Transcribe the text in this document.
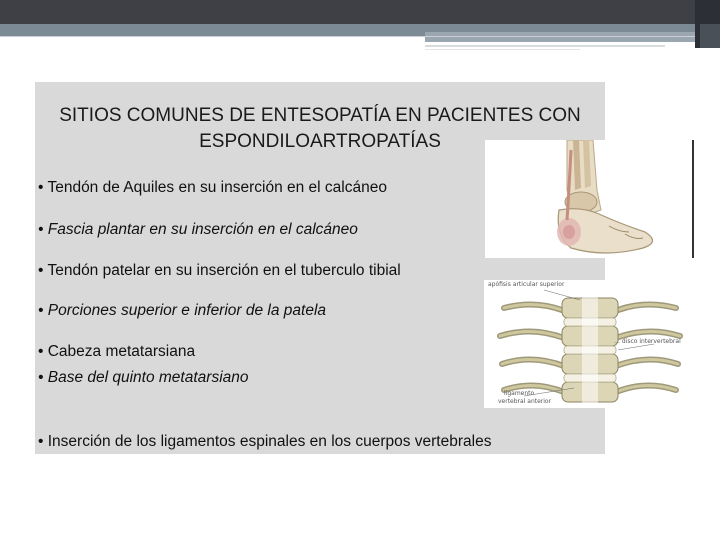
SITIOS COMUNES DE ENTESOPATÍA EN PACIENTES CON
ESPONDILOARTROPATÍAS
• Tendón de Aquiles en su inserción en el calcáneo
• Fascia plantar en su inserción en el calcáneo
• Tendón patelar en su inserción en el tuberculo tibial
• Porciones superior e inferior de la patela
• Cabeza metatarsiana
• Base del quinto metatarsiano
• Inserción de los ligamentos espinales en los cuerpos vertebrales
apófisis articular superior
… disco intervertebral
ligamento
vertebral anterior
